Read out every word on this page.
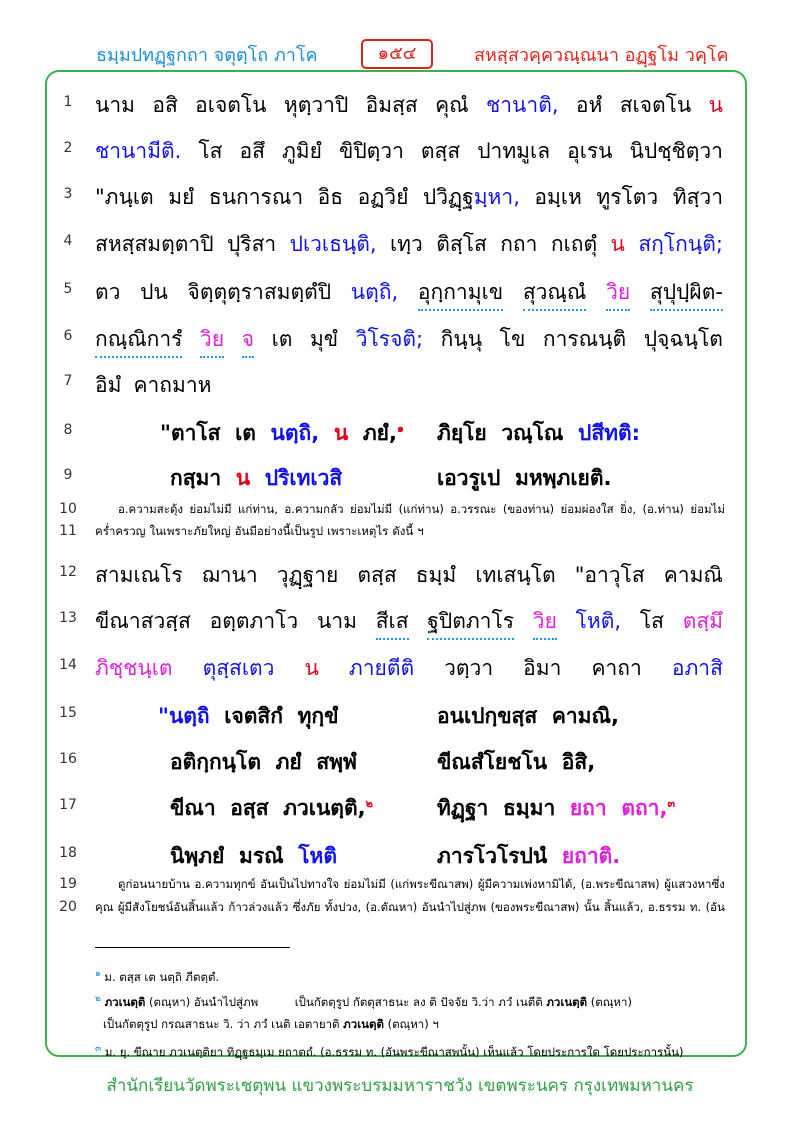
ธมฺมปทฏฺฐกถา จตุตฺโถ ภาโค	๑๕๔	สหสฺสวคฺควณฺณนา อฏฺฐโม วคฺโค
1
2
3
4
5
6
7
8
9
10
11
12
13
14
15
16
17
18
19
20
นาม อสิ อเจตโน หุตฺวาปิ อิมสฺส คุณํ ชานาติ, อหํ สเจตโน น
ชานามีติ. โส อสึ ภูมิยํ ขิปิตฺวา ตสฺส ปาทมูเล อุเรน นิปชฺชิตฺวา
"ภนฺเต มยํ ธนการณา อิธ อฏวิยํ ปวิฏฺฐมฺหา, อมฺเห ทูรโตว ทิสฺวา
สหสฺสมตฺตาปิ ปุริสา ปเวเธนฺติ, เทฺว ติสฺโส กถา กเถตุํ น สกฺโกนฺติ;
ตว ปน จิตฺตุตฺราสมตฺตํปิ นตฺถิ, อุกฺกามุเข สุวณฺณํ วิย สุปุปฺผิต-
กณฺณิการํ วิย จ เต มุขํ วิโรจติ; กินฺนุ โข การณนฺติ ปุจฺฉนฺโต
อิมํ คาถมาห
"ตาโส เต นตฺถิ, น ภยํ,$^๑$ ภิยฺโย วณฺโณ ปสีทติ:
กสฺมา น ปริเทเวสิ	เอวรูเป มหพฺภเยติ.
อ.ความสะดุ้ง ย่อมไม่มี แก่ท่าน, อ.ความกลัว ย่อมไม่มี (แก่ท่าน) อ.วรรณะ (ของท่าน) ย่อมผ่องใส ยิ่ง, (อ.ท่าน) ย่อมไม่
คร่ำครวญ ในเพราะภัยใหญ่ อันมีอย่างนี้เป็นรูป เพราะเหตุไร ดังนี้ ฯ
สามเณโร ฌานา วุฏฺฐาย ตสฺส ธมฺมํ เทเสนฺโต "อาวุโส คามณิ
ขีณาสวสฺส อตฺตภาโว นาม สีเส ฐปิตภาโร วิย โหติ, โส ตสฺมึ
ภิชฺชนฺเต ตุสฺสเตว น ภายตีติ วตฺวา อิมา คาถา อภาสิ
"นตฺถิ เจตสิกํ ทุกฺขํ	อนเปกฺขสฺส คามณิ,
อติกฺกนฺโต ภยํ สพฺพํ	ขีณสํโยชโน อิสิ,
ขีณา อสฺส ภวเนตฺติ,$^๒$	ทิฏฺฐา ธมฺมา ยถา ตถา,$^๓$
นิพฺภยํ มรณํ โหติ	ภารโวโรปนํ ยถาติ.
ดูก่อนนายบ้าน อ.ความทุกข์ อันเป็นไปทางใจ ย่อมไม่มี (แก่พระขีณาสพ) ผู้มีความเพ่งหามิได้, (อ.พระขีณาสพ) ผู้แสวงหาซึ่ง
คุณ ผู้มีสังโยชน์อันสิ้นแล้ว ก้าวล่วงแล้ว ซึ่งภัย ทั้งปวง, (อ.ตัณหา) อันนำไปสู่ภพ (ของพระขีณาสพ) นั้น สิ้นแล้ว, อ.ธรรม ท. (อัน
$^๑$ ม. ตสฺส เต นตฺถิ ภีตตฺตํ.
$^๒$ ภวเนตฺติ (ตณฺหา) อันนำไปสู่ภพ	เป็นกัตตุรูป กัตตุสาธนะ ลง ติ ปัจจัย วิ.ว่า ภวํ เนตีติ ภวเนตฺติ (ตณฺหา)
เป็นกัตตุรูป กรณสาธนะ วิ. ว่า ภวํ เนติ เอตายาติ ภวเนตฺติ (ตณฺหา) ฯ
$^๓$ ม. ยุ. ขีณาย ภวเนตฺติยา ทิฏฺฐธมฺเม ยถาตถํ. (อ.ธรรม ท. (อันพระขีณาสพนั้น) เห็นแล้ว โดยประการใด โดยประการนั้น)
สำนักเรียนวัดพระเชตุพน แขวงพระบรมมหาราชวัง เขตพระนคร กรุงเทพมหานคร
